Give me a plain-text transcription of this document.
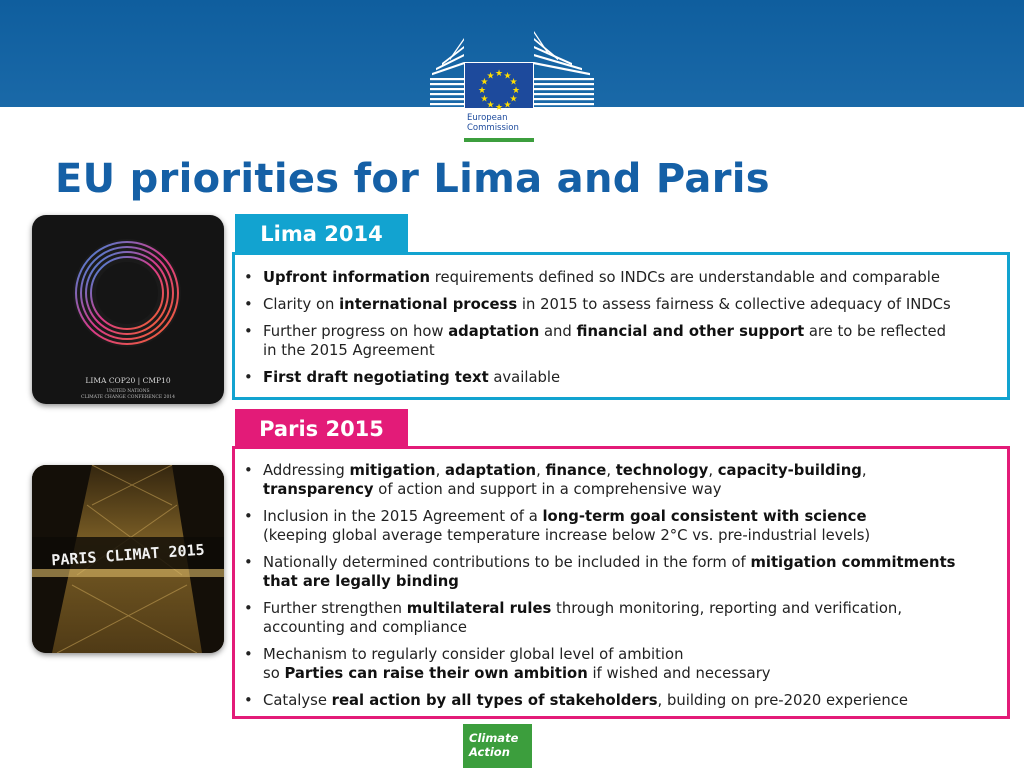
★ ★
★
★
★
★
★
★
★
★
★
★
European
Commission
EU priorities for Lima and Paris
LIMA COP20 | CMP10
UNITED NATIONS
CLIMATE CHANGE CONFERENCE 2014
Lima 2014
• Upfront information requirements defined so INDCs are understandable and comparable
• Clarity on international process in 2015 to assess fairness & collective adequacy of INDCs
• Further progress on how adaptation and financial and other support are to be reflected
in the 2015 Agreement
• First draft negotiating text available
Paris 2015
• Addressing mitigation, adaptation, finance, technology, capacity-building,
transparency of action and support in a comprehensive way
• Inclusion in the 2015 Agreement of a long-term goal consistent with science
(keeping global average temperature increase below 2°C vs. pre-industrial levels)
• Nationally determined contributions to be included in the form of mitigation commitments
that are legally binding
• Further strengthen multilateral rules through monitoring, reporting and verification,
accounting and compliance
• Mechanism to regularly consider global level of ambition
so Parties can raise their own ambition if wished and necessary
• Catalyse real action by all types of stakeholders, building on pre-2020 experience
PARIS CLIMAT 2015
Climate
Action
